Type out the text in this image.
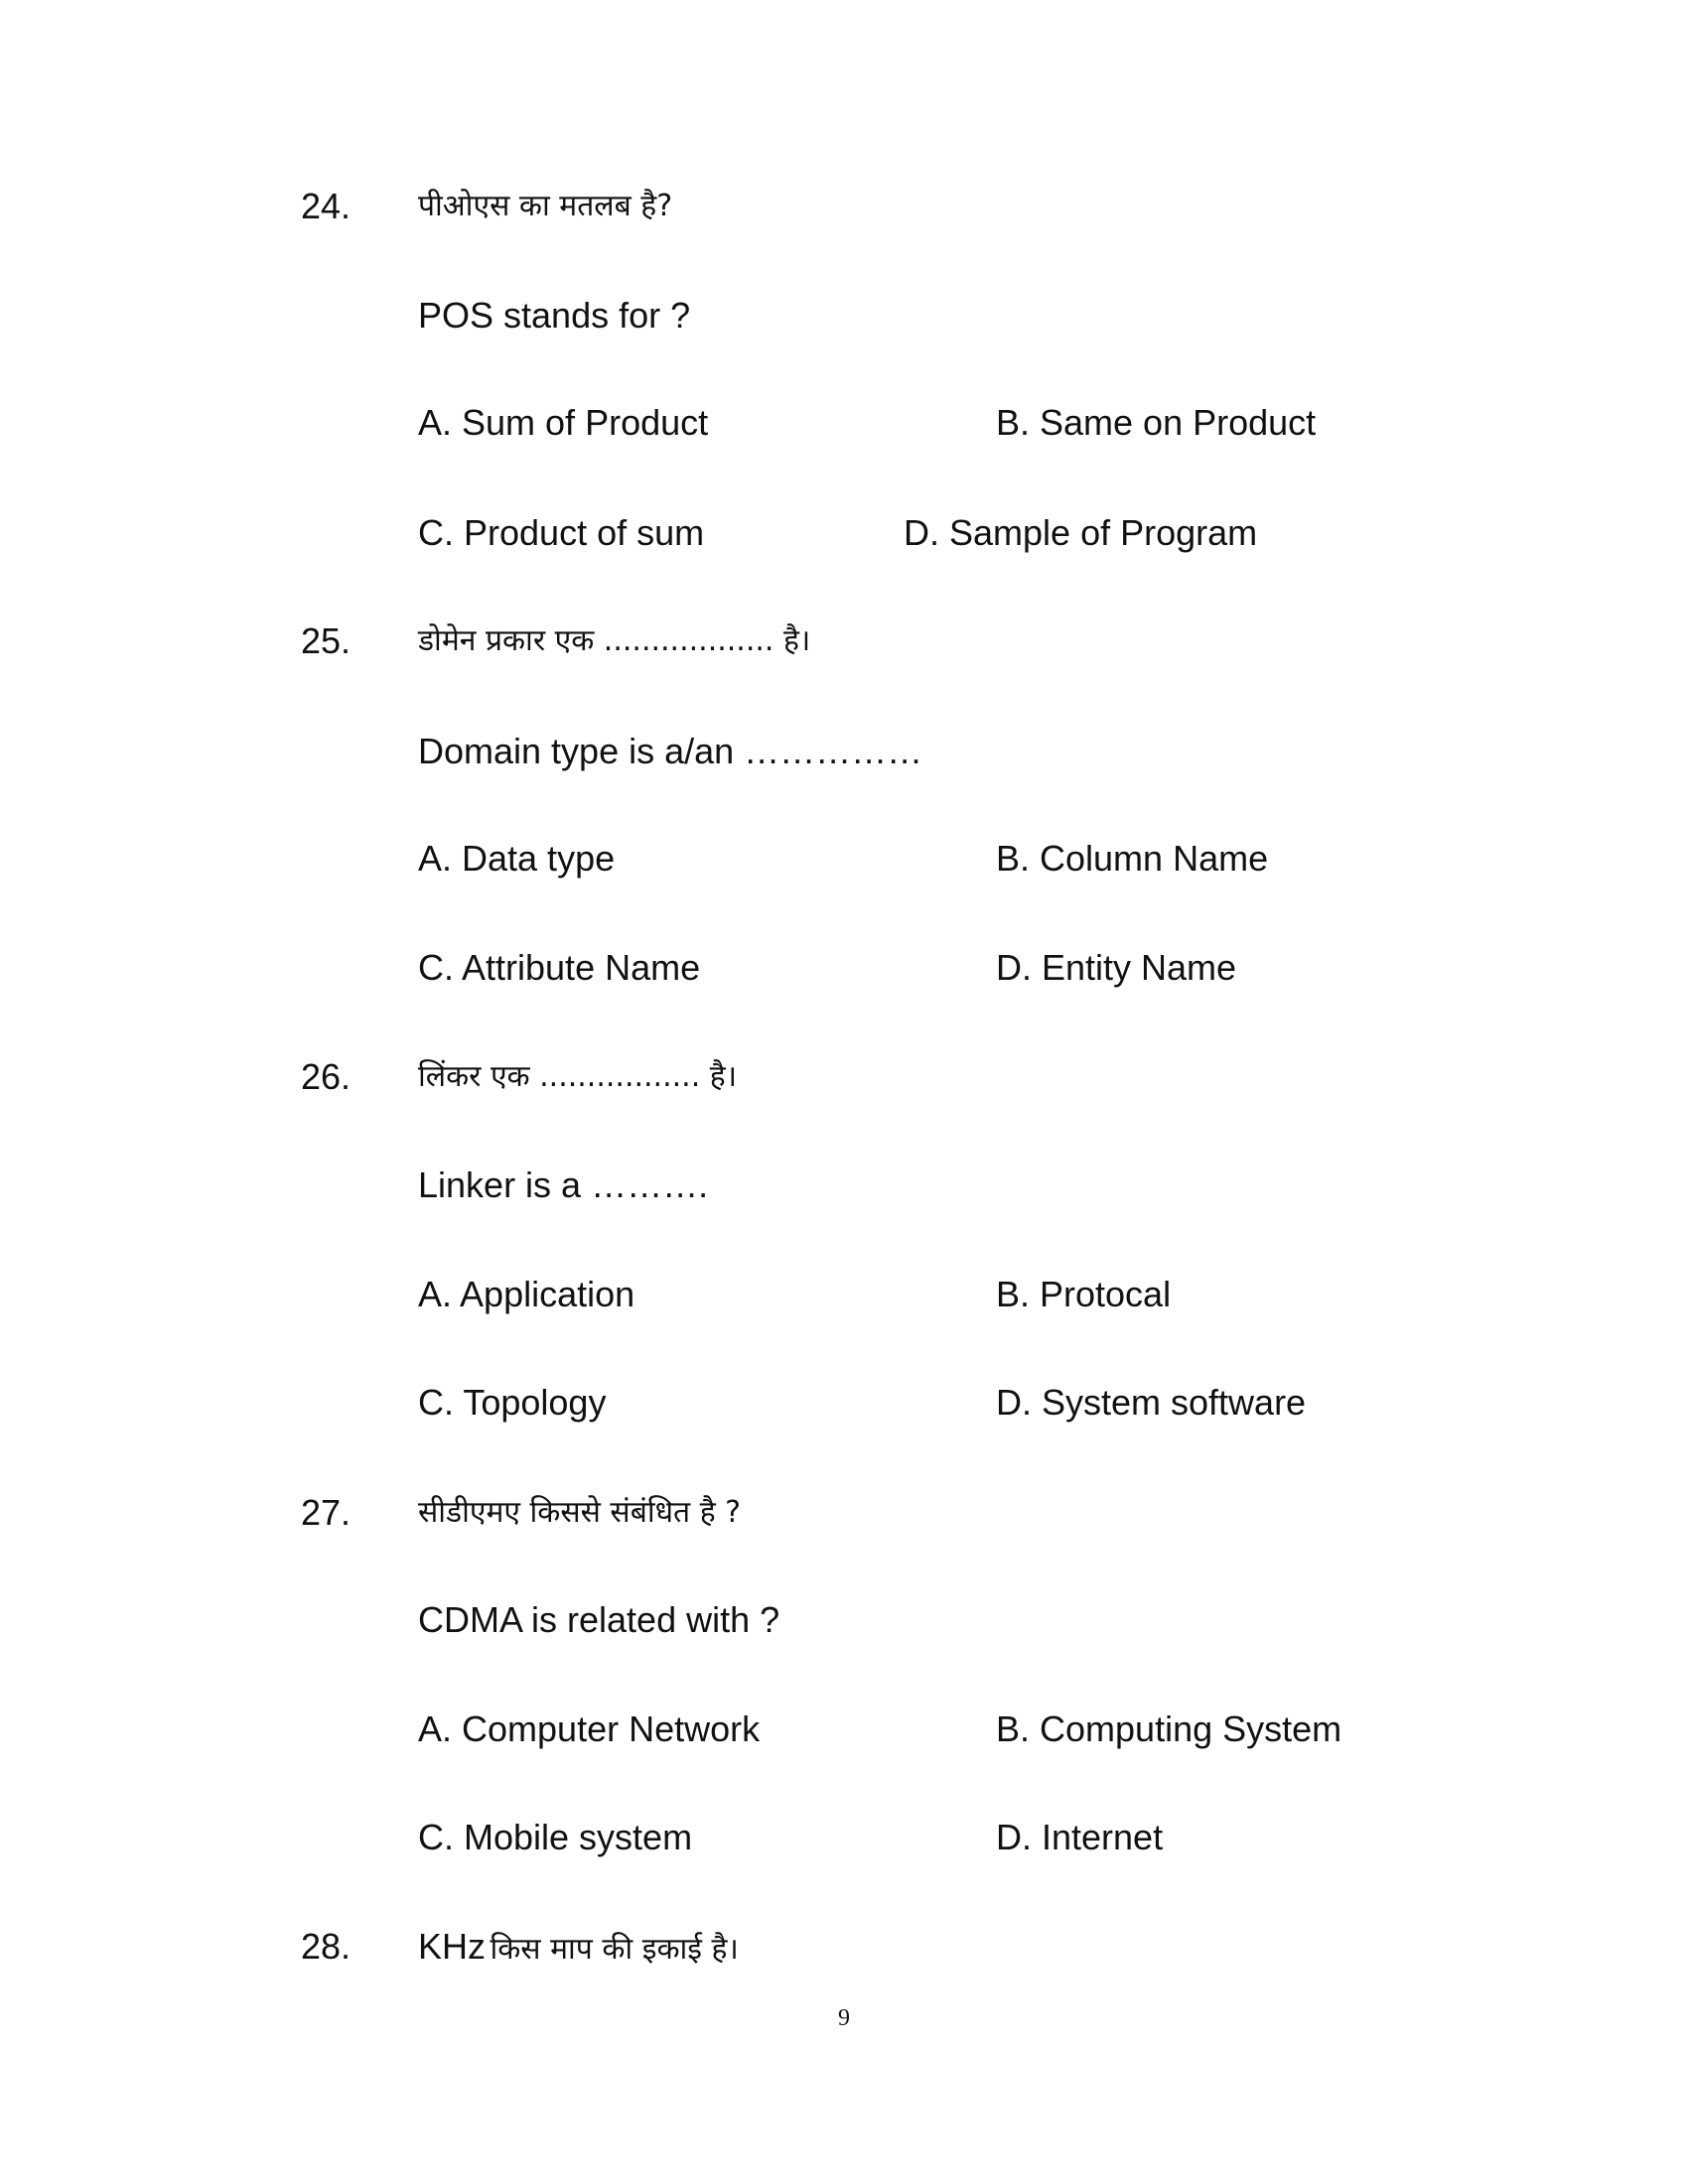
24. पीओएस का मतलब है?
POS stands for ?
A. Sum of Product	B. Same on Product
C. Product of sum	D. Sample of Program
25. डोमेन प्रकार एक .................. है।
Domain type is a/an ……………
A. Data type	B. Column Name
C. Attribute Name	D. Entity Name
26. लिंकर एक ................. है।
Linker is a ……….
A. Application	B. Protocal
C. Topology	D. System software
27. सीडीएमए किससे संबंधित है ?
CDMA is related with ?
A. Computer Network	B. Computing System
C. Mobile system	D. Internet
28. KHz किस माप की इकाई है।
9
